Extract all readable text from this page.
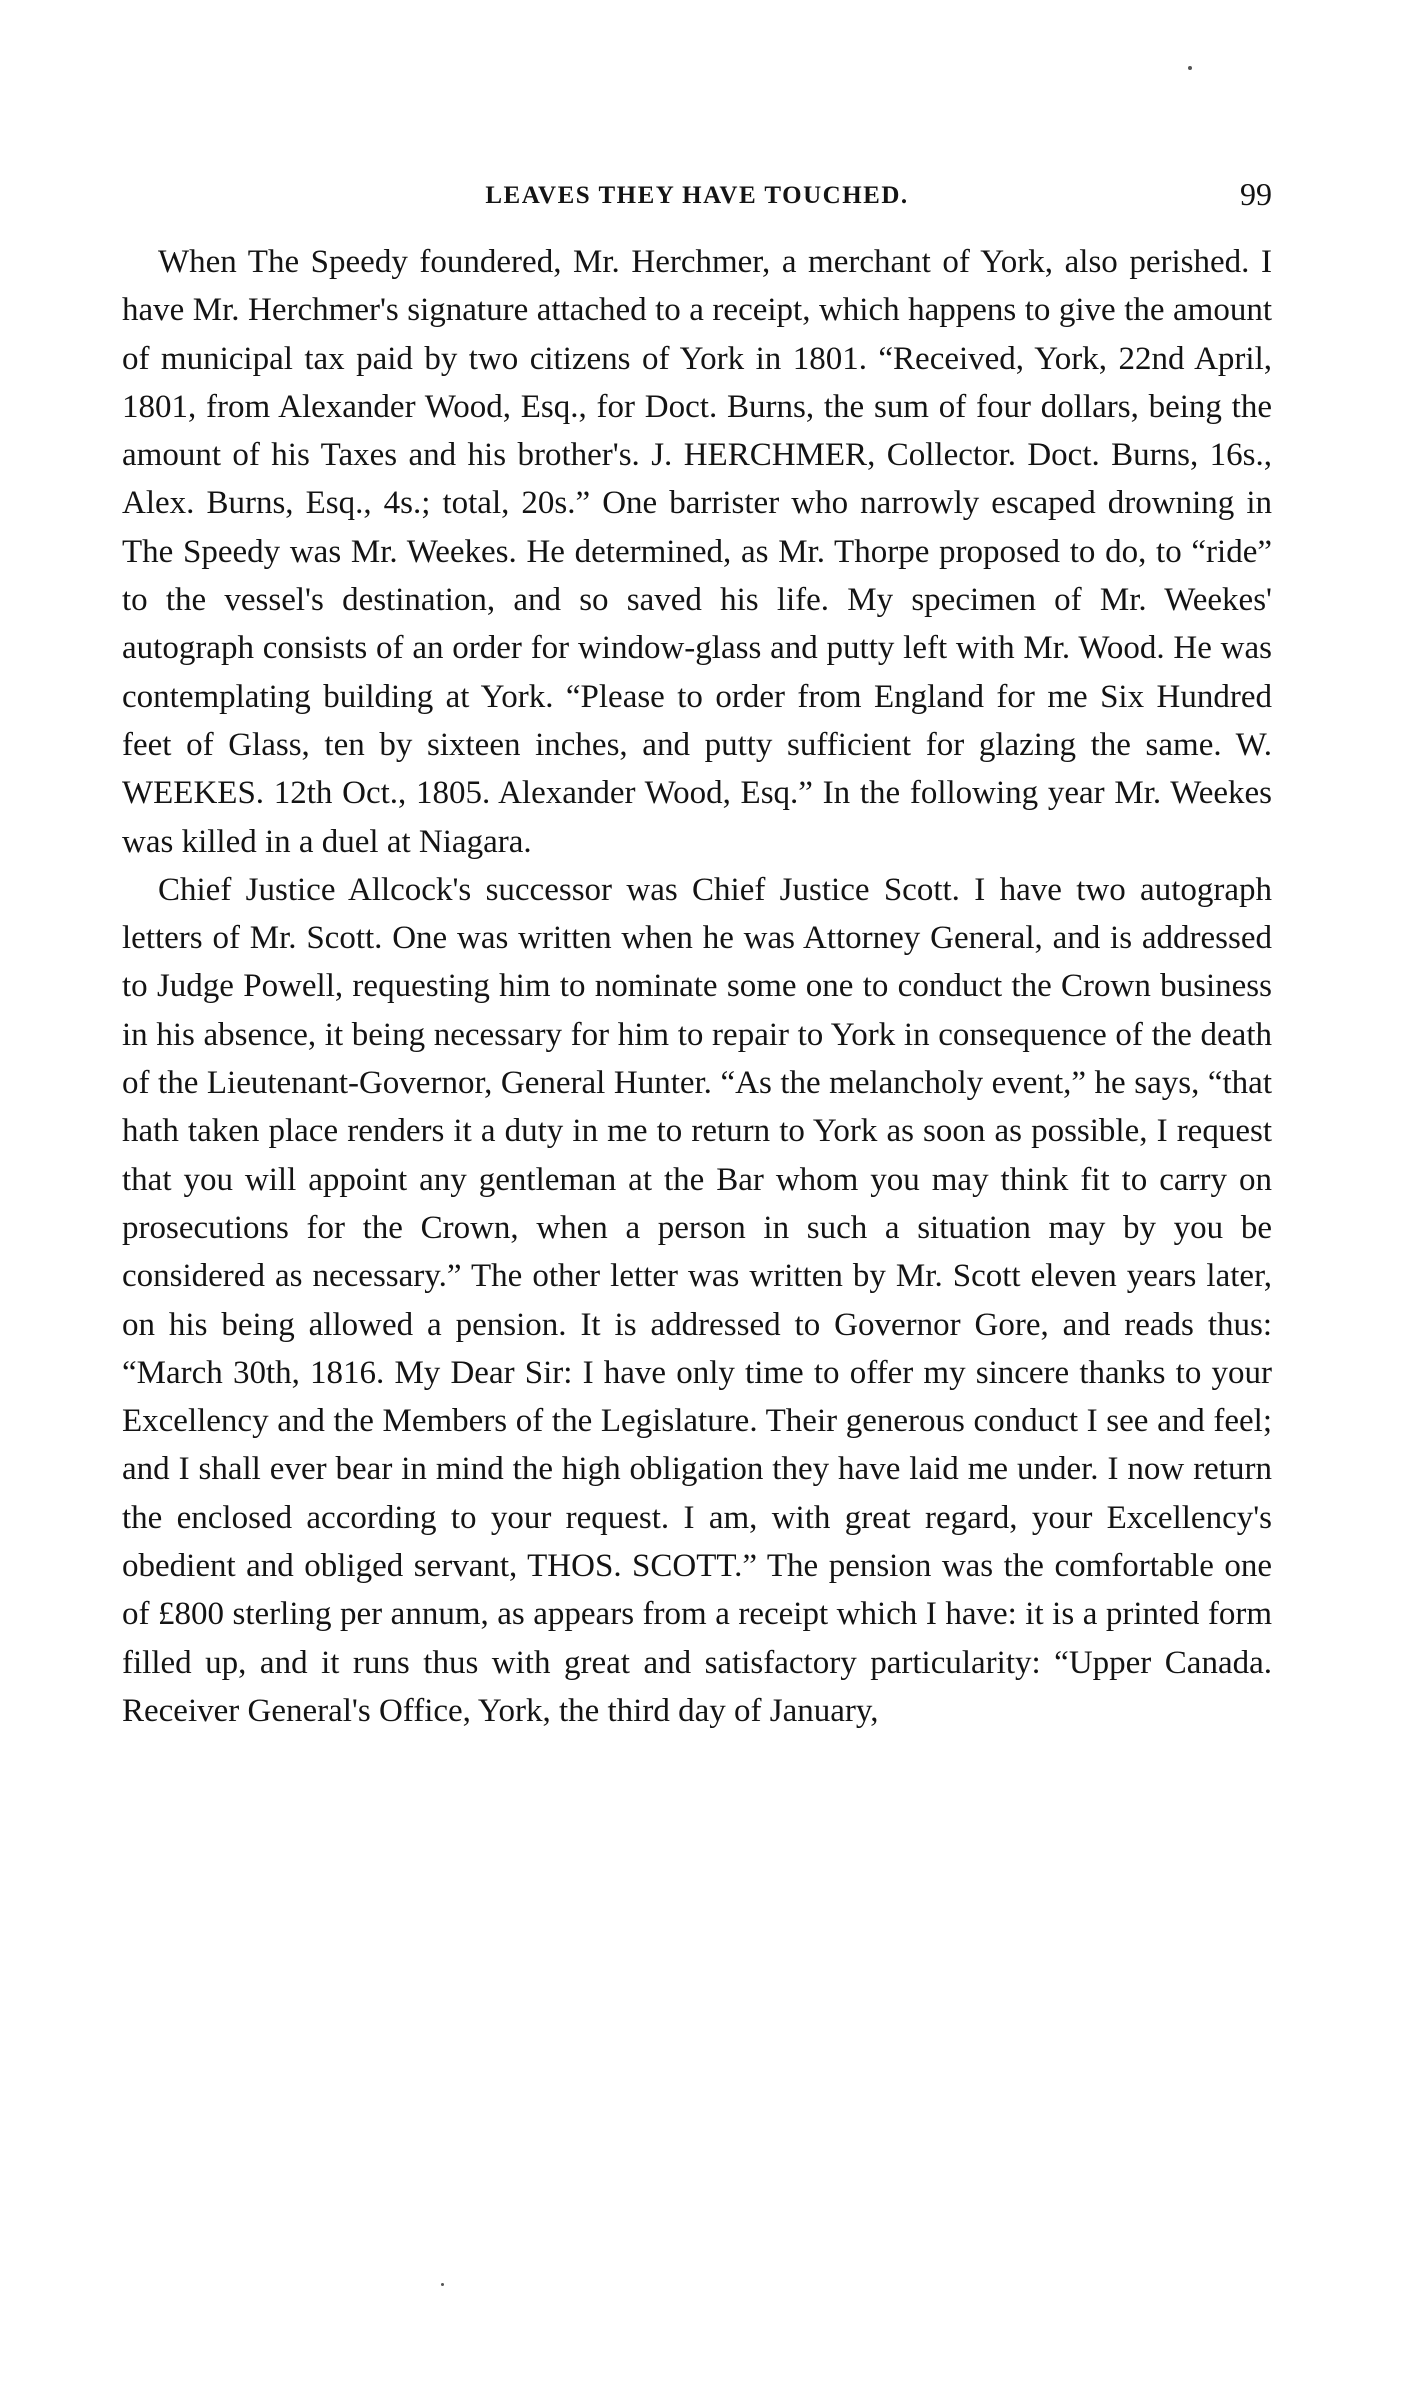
LEAVES THEY HAVE TOUCHED.	99

When The Speedy foundered, Mr. Herchmer, a merchant of York, also perished. I have Mr. Herchmer's signature attached to a receipt, which happens to give the amount of municipal tax paid by two citizens of York in 1801. “Received, York, 22nd April, 1801, from Alexander Wood, Esq., for Doct. Burns, the sum of four dollars, being the amount of his Taxes and his brother's. J. HERCHMER, Collector. Doct. Burns, 16s., Alex. Burns, Esq., 4s.; total, 20s.” One barrister who narrowly escaped drowning in The Speedy was Mr. Weekes. He determined, as Mr. Thorpe proposed to do, to “ride” to the vessel's destination, and so saved his life. My specimen of Mr. Weekes' autograph consists of an order for window-glass and putty left with Mr. Wood. He was contemplating building at York. “Please to order from England for me Six Hundred feet of Glass, ten by sixteen inches, and putty sufficient for glazing the same. W. WEEKES. 12th Oct., 1805. Alexander Wood, Esq.” In the following year Mr. Weekes was killed in a duel at Niagara.

Chief Justice Allcock's successor was Chief Justice Scott. I have two autograph letters of Mr. Scott. One was written when he was Attorney General, and is addressed to Judge Powell, requesting him to nominate some one to conduct the Crown business in his absence, it being necessary for him to repair to York in consequence of the death of the Lieutenant-Governor, General Hunter. “As the melancholy event,” he says, “that hath taken place renders it a duty in me to return to York as soon as possible, I request that you will appoint any gentleman at the Bar whom you may think fit to carry on prosecutions for the Crown, when a person in such a situation may by you be considered as necessary.” The other letter was written by Mr. Scott eleven years later, on his being allowed a pension. It is addressed to Governor Gore, and reads thus: “March 30th, 1816. My Dear Sir: I have only time to offer my sincere thanks to your Excellency and the Members of the Legislature. Their generous conduct I see and feel; and I shall ever bear in mind the high obligation they have laid me under. I now return the enclosed according to your request. I am, with great regard, your Excellency's obedient and obliged servant, THOS. SCOTT.” The pension was the comfortable one of £800 sterling per annum, as appears from a receipt which I have: it is a printed form filled up, and it runs thus with great and satisfactory particularity: “Upper Canada. Receiver General's Office, York, the third day of January,
